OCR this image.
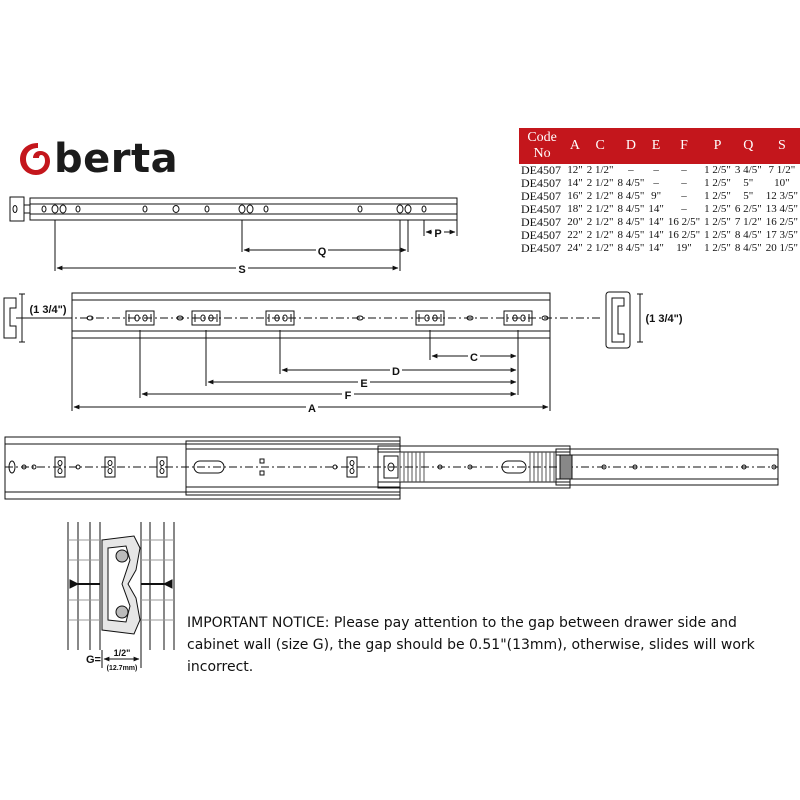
berta	Code No	A	C	D	E	F	P	Q	S
DE4507	12"	2 1/2"	–	–	–	1 2/5"	3 4/5"	7 1/2"
DE4507	14"	2 1/2"	8 4/5"	–	–	1 2/5"	5"	10"
DE4507	16"	2 1/2"	8 4/5"	9"	–	1 2/5"	5"	12 3/5"
DE4507	18"	2 1/2"	8 4/5"	14"	–	1 2/5"	6 2/5"	13 4/5"
DE4507	20"	2 1/2"	8 4/5"	14"	16 2/5"	1 2/5"	7 1/2"	16 2/5"
DE4507	22"	2 1/2"	8 4/5"	14"	16 2/5"	1 2/5"	8 4/5"	17 3/5"
DE4507	24"	2 1/2"	8 4/5"	14"	19"	1 2/5"	8 4/5"	20 1/5"
Q
S
P
(1 3/4")
(1 3/4")
C
D
E
F
A
G=
1/2"
(12.7mm)
IMPORTANT NOTICE: Please pay attention to the gap between drawer side and cabinet wall (size G), the gap should be 0.51"(13mm), otherwise, slides will work incorrect.
